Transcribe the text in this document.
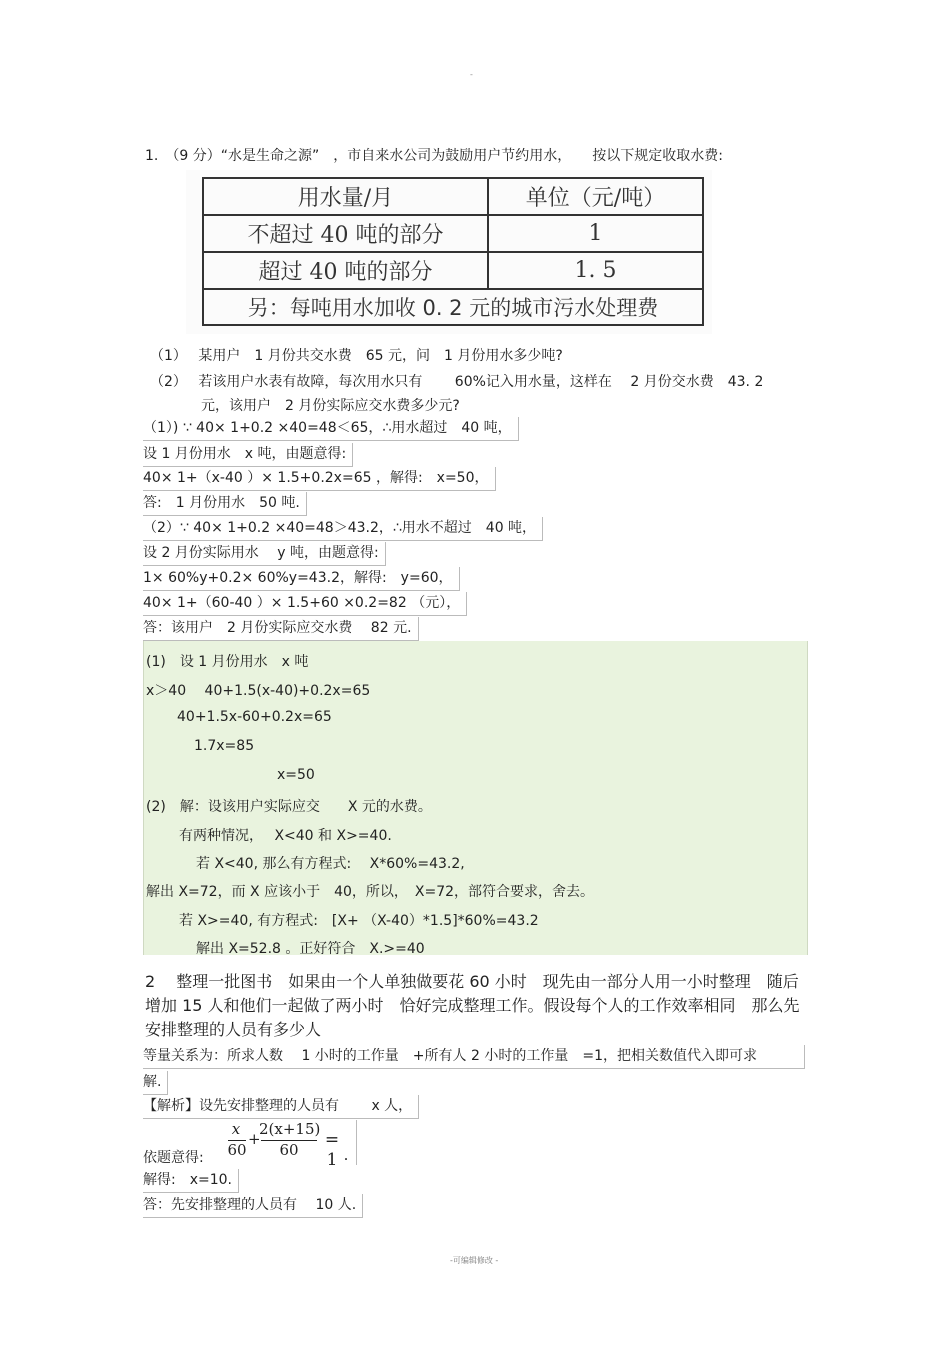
-
1.　（9 分）“水是生命之源”　，市自来水公司为鼓励用户节约用水，　　按以下规定收取水费:
用水量/月	单位（元/吨）
不超过 40 吨的部分	1
超过 40 吨的部分	1. 5
另：每吨用水加收 0. 2 元的城市污水处理费	
（1）　 某用户　1 月份共交水费　65 元，问　1 月份用水多少吨?
（2）　 若该用户水表有故障，每次用水只有　　 60%记入用水量，这样在　 2 月份交水费　43. 2
元，该用户　2 月份实际应交水费多少元?
（1）) ∵ 40× 1+0.2 ×40=48＜65，∴用水超过　40 吨，
设 1 月份用水　x 吨，由题意得:
40× 1+（x-40 ）× 1.5+0.2x=65 ，解得:　x=50，
答:　1 月份用水　50 吨.
（2）∵ 40× 1+0.2 ×40=48＞43.2，∴用水不超过　40 吨，
设 2 月份实际用水　 y 吨，由题意得:
1× 60%y+0.2× 60%y=43.2，解得:　y=60，
40× 1+（60-40 ）× 1.5+60 ×0.2=82 （元），
答：该用户　2 月份实际应交水费　 82 元.
(1)　设 1 月份用水　x 吨
x＞40　 40+1.5(x-40)+0.2x=65
40+1.5x-60+0.2x=65
1.7x=85
x=50
(2)　解：设该用户实际应交　　X 元的水费。
有两种情况，　 X<40 和 X>=40.
若 X<40, 那么有方程式:　 X*60%=43.2,
解出 X=72，而 X 应该小于　40，所以，　X=72，部符合要求，舍去。
若 X>=40, 有方程式:　[X+ （X-40）*1.5]*60%=43.2
解出 X=52.8 。正好符合　X.>=40
2　 整理一批图书　如果由一个人单独做要花 60 小时　现先由一部分人用一小时整理　随后增加 15 人和他们一起做了两小时　恰好完成整理工作。假设每个人的工作效率相同　那么先安排整理的人员有多少人
等量关系为：所求人数　 1 小时的工作量　+所有人 2 小时的工作量　=1，把相关数值代入即可求
解.
【解析】设先安排整理的人员有　　 x 人，
依题意得:
x
60
+
2(x+15)
60	= 1 .
解得:　x=10.
答：先安排整理的人员有　 10 人.
-可编辑修改 -
